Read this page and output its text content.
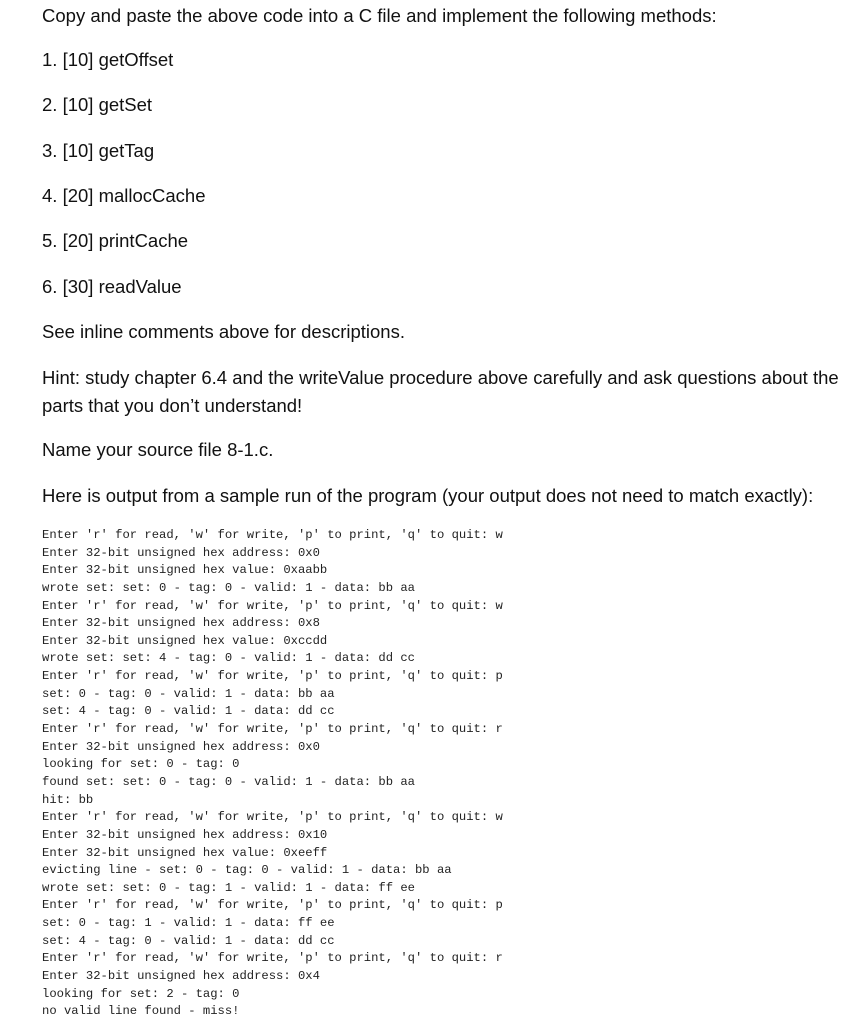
Copy and paste the above code into a C file and implement the following methods:
1. [10] getOffset
2. [10] getSet
3. [10] getTag
4. [20] mallocCache
5. [20] printCache
6. [30] readValue
See inline comments above for descriptions.
Hint: study chapter 6.4 and the writeValue procedure above carefully and ask questions about the parts that you don’t understand!
Name your source file 8-1.c.
Here is output from a sample run of the program (your output does not need to match exactly):
Enter 'r' for read, 'w' for write, 'p' to print, 'q' to quit: w
Enter 32-bit unsigned hex address: 0x0
Enter 32-bit unsigned hex value: 0xaabb
wrote set: set: 0 - tag: 0 - valid: 1 - data: bb aa
Enter 'r' for read, 'w' for write, 'p' to print, 'q' to quit: w
Enter 32-bit unsigned hex address: 0x8
Enter 32-bit unsigned hex value: 0xccdd
wrote set: set: 4 - tag: 0 - valid: 1 - data: dd cc
Enter 'r' for read, 'w' for write, 'p' to print, 'q' to quit: p
set: 0 - tag: 0 - valid: 1 - data: bb aa
set: 4 - tag: 0 - valid: 1 - data: dd cc
Enter 'r' for read, 'w' for write, 'p' to print, 'q' to quit: r
Enter 32-bit unsigned hex address: 0x0
looking for set: 0 - tag: 0
found set: set: 0 - tag: 0 - valid: 1 - data: bb aa
hit: bb
Enter 'r' for read, 'w' for write, 'p' to print, 'q' to quit: w
Enter 32-bit unsigned hex address: 0x10
Enter 32-bit unsigned hex value: 0xeeff
evicting line - set: 0 - tag: 0 - valid: 1 - data: bb aa
wrote set: set: 0 - tag: 1 - valid: 1 - data: ff ee
Enter 'r' for read, 'w' for write, 'p' to print, 'q' to quit: p
set: 0 - tag: 1 - valid: 1 - data: ff ee
set: 4 - tag: 0 - valid: 1 - data: dd cc
Enter 'r' for read, 'w' for write, 'p' to print, 'q' to quit: r
Enter 32-bit unsigned hex address: 0x4
looking for set: 2 - tag: 0
no valid line found - miss!
